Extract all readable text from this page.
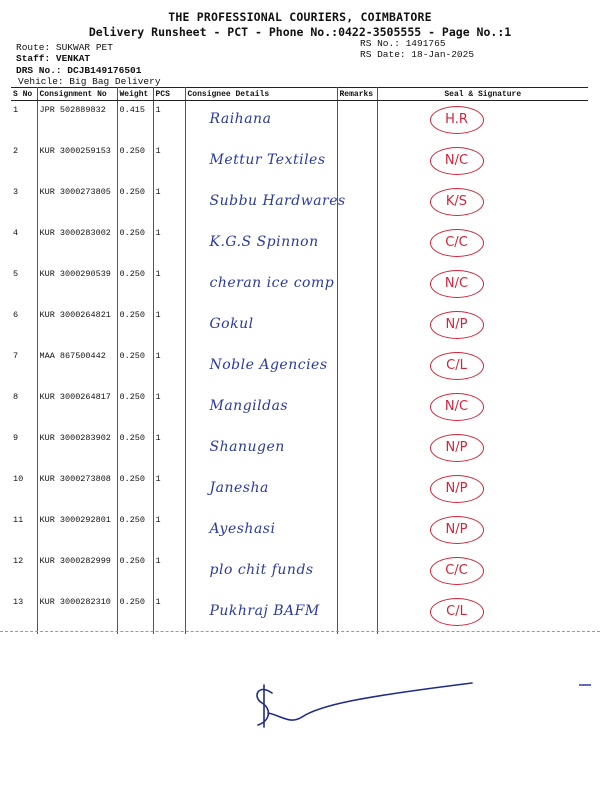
THE PROFESSIONAL COURIERS, COIMBATORE
Delivery Runsheet - PCT - Phone No.:0422-3505555 - Page No.:1
Route: SUKWAR PET
Staff: VENKAT
DRS No.: DCJB149176501
Vehicle: Big Bag Delivery
RS No.: 1491765
RS Date: 18-Jan-2025
S No	Consignment No	Weight	PCS	Consignee Details	Remarks	Seal & Signature
1	JPR 502889832	0.415	1	Raihana		H.R
2	KUR 3000259153	0.250	1	Mettur Textiles		N/C
3	KUR 3000273805	0.250	1	Subbu Hardwares		K/S
4	KUR 3000283002	0.250	1	K.G.S Spinnon		C/C
5	KUR 3000290539	0.250	1	cheran ice comp		N/C
6	KUR 3000264821	0.250	1	Gokul		N/P
7	MAA 867500442	0.250	1	Noble Agencies		C/L
8	KUR 3000264817	0.250	1	Mangildas		N/C
9	KUR 3000283902	0.250	1	Shanugen		N/P
10	KUR 3000273808	0.250	1	Janesha		N/P
11	KUR 3000292801	0.250	1	Ayeshasi		N/P
12	KUR 3000282999	0.250	1	plo chit funds		C/C
13	KUR 3000282310	0.250	1	Pukhraj BAFM		C/L
